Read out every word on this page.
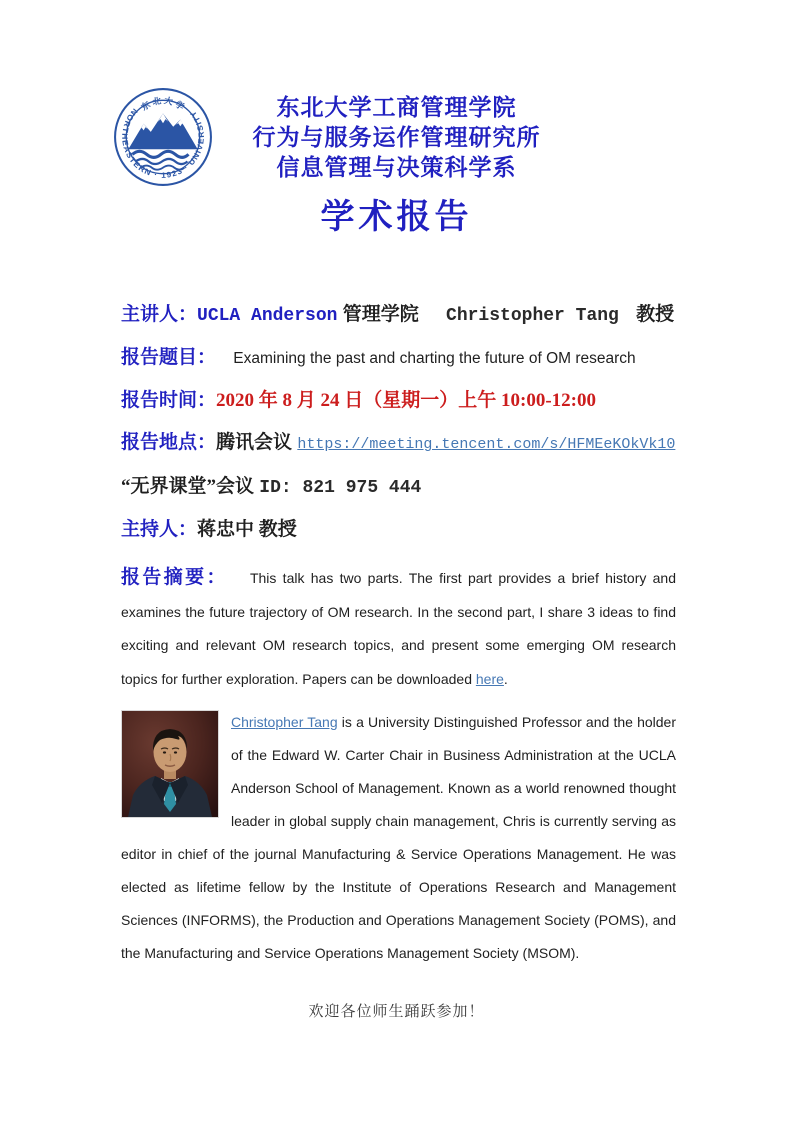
NORTHEASTERN · 1923 · UNIVERSITY
东北大学	东北大学工商管理学院
行为与服务运作管理研究所
信息管理与决策科学系
学术报告
主讲人：UCLA Anderson 管理学院 Christopher Tang 教授
报告题目： Examining the past and charting the future of OM research
报告时间：2020 年 8 月 24 日（星期一）上午 10:00-12:00
报告地点：腾讯会议 https://meeting.tencent.com/s/HFMEeKOkVk10
“无界课堂”会议 ID: 821 975 444
主持人：蒋忠中 教授

报告摘要： This talk has two parts. The first part provides a brief history and examines the future trajectory of OM research. In the second part, I share 3 ideas to find exciting and relevant OM research topics, and present some emerging OM research topics for further exploration. Papers can be downloaded here.

Christopher Tang is a University Distinguished Professor and the holder of the Edward W. Carter Chair in Business Administration at the UCLA Anderson School of Management. Known as a world renowned thought leader in global supply chain management, Chris is currently serving as editor in chief of the journal Manufacturing & Service Operations Management. He was elected as lifetime fellow by the Institute of Operations Research and Management Sciences (INFORMS), the Production and Operations Management Society (POMS), and the Manufacturing and Service Operations Management Society (MSOM).
欢迎各位师生踊跃参加！
